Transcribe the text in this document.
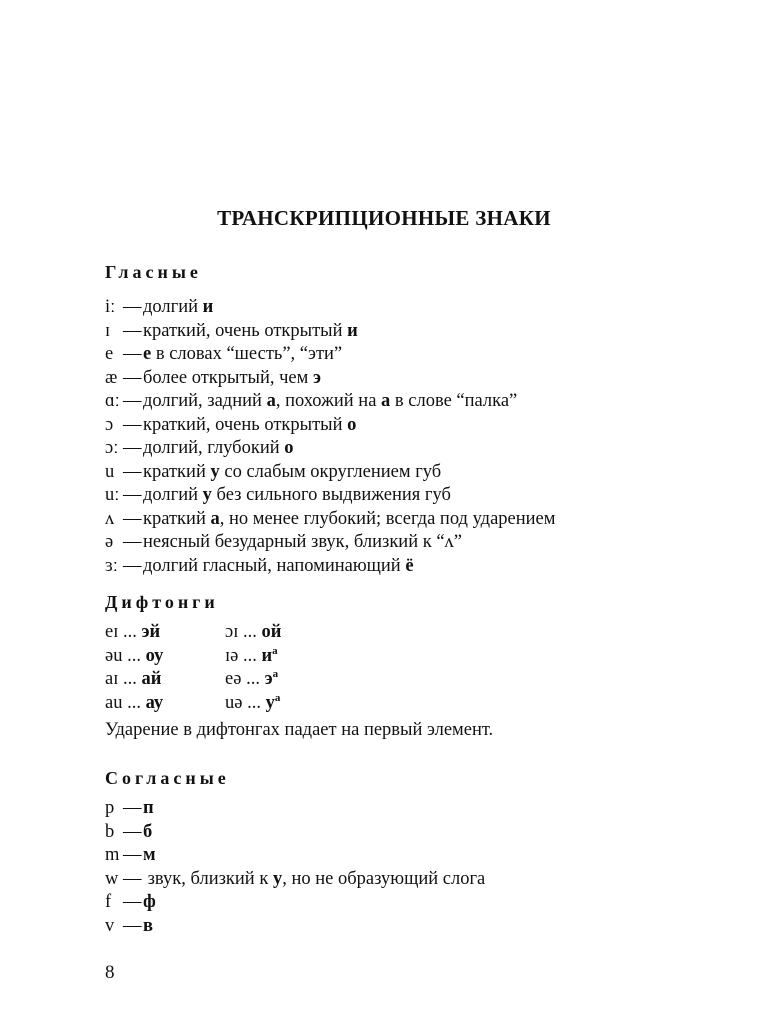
ТРАНСКРИПЦИОННЫЕ ЗНАКИ
Гласные
iː —долгий и
ɪ —краткий, очень открытый и
e —е в словах “шесть”, “эти”
æ —более открытый, чем э
ɑː —долгий, задний а, похожий на а в слове “палка”
ɔ —краткий, очень открытый о
ɔː —долгий, глубокий о
u —краткий у со слабым округлением губ
uː —долгий у без сильного выдвижения губ
ʌ —краткий а, но менее глубокий; всегда под ударением
ə —неясный безударный звук, близкий к “ʌ”
ɜː —долгий гласный, напоминающий ё
Дифтонги
eɪ ... эй	ɔɪ ... ой
əu ... оу	ɪə ... $и^а$
aɪ ... ай	eə ... $э^а$
au ... ау	uə ... $у^а$

Ударение в дифтонгах падает на первый элемент.

Согласные
p —п
b —б
m —м
w — звук, близкий к у, но не образующий слога
f —ф
v —в

8
